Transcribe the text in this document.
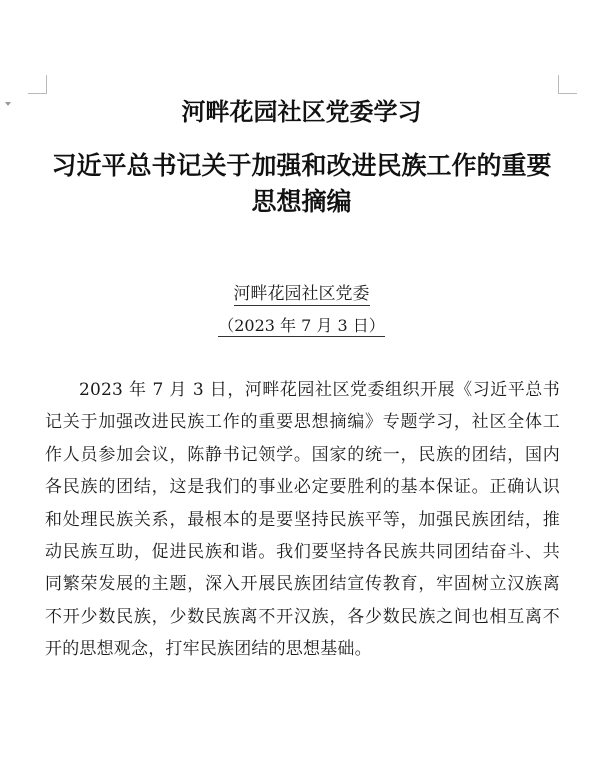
河畔花园社区党委学习
习近平总书记关于加强和改进民族工作的重要思想摘编
河畔花园社区党委
（2023 年 7 月 3 日）

2023 年 7 月 3 日，河畔花园社区党委组织开展《习近平总书记关于加强改进民族工作的重要思想摘编》专题学习，社区全体工作人员参加会议，陈静书记领学。国家的统一，民族的团结，国内各民族的团结，这是我们的事业必定要胜利的基本保证。正确认识和处理民族关系，最根本的是要坚持民族平等，加强民族团结，推动民族互助，促进民族和谐。我们要坚持各民族共同团结奋斗、共同繁荣发展的主题，深入开展民族团结宣传教育，牢固树立汉族离不开少数民族，少数民族离不开汉族，各少数民族之间也相互离不开的思想观念，打牢民族团结的思想基础。
